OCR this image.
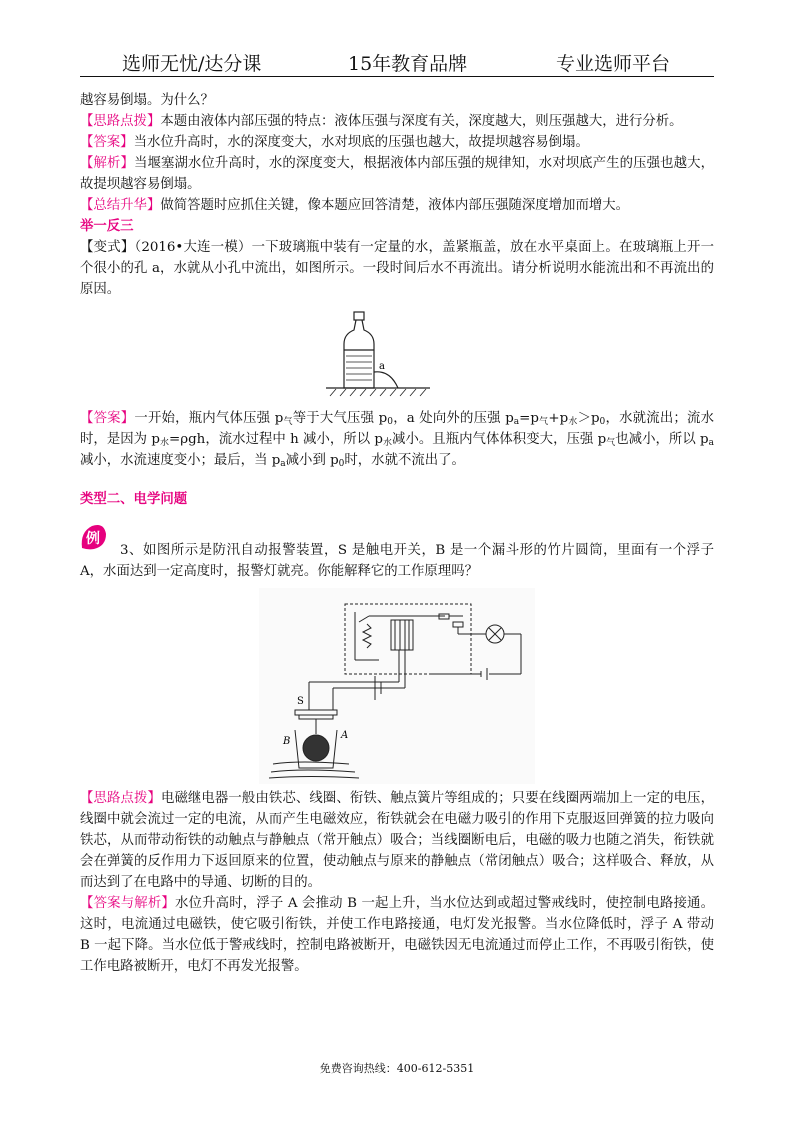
选师无忧/达分课	15年教育品牌	专业选师平台

越容易倒塌。为什么？

【思路点拨】本题由液体内部压强的特点：液体压强与深度有关，深度越大，则压强越大，进行分析。

【答案】当水位升高时，水的深度变大，水对坝底的压强也越大，故提坝越容易倒塌。

【解析】当堰塞湖水位升高时，水的深度变大，根据液体内部压强的规律知，水对坝底产生的压强也越大，故提坝越容易倒塌。

【总结升华】做简答题时应抓住关键，像本题应回答清楚，液体内部压强随深度增加而增大。

举一反三

【变式】（2016•大连一模）一下玻璃瓶中装有一定量的水，盖紧瓶盖，放在水平桌面上。在玻璃瓶上开一个很小的孔 a，水就从小孔中流出，如图所示。一段时间后水不再流出。请分析说明水能流出和不再流出的原因。

a

【答案】一开始，瓶内气体压强 $p_气$等于大气压强 $p_0$，a 处向外的压强 $p_a=p_气+p_水>p_0$，水就流出；流水时，是因为 $p_水=\rho gh$，流水过程中 h 减小，所以 $p_水$减小。且瓶内气体体积变大，压强 $p_气$也减小，所以 $p_a$减小，水流速度变小；最后，当 $p_a$减小到 $p_0$时，水就不流出了。

类型二、电学问题

例

3、如图所示是防汛自动报警装置，S 是触电开关，B 是一个漏斗形的竹片圆筒，里面有一个浮子 A，水面达到一定高度时，报警灯就亮。你能解释它的工作原理吗？

S
B
A

【思路点拨】电磁继电器一般由铁芯、线圈、衔铁、触点簧片等组成的；只要在线圈两端加上一定的电压，线圈中就会流过一定的电流，从而产生电磁效应，衔铁就会在电磁力吸引的作用下克服返回弹簧的拉力吸向铁芯，从而带动衔铁的动触点与静触点（常开触点）吸合；当线圈断电后，电磁的吸力也随之消失，衔铁就会在弹簧的反作用力下返回原来的位置，使动触点与原来的静触点（常闭触点）吸合；这样吸合、释放，从而达到了在电路中的导通、切断的目的。

【答案与解析】水位升高时，浮子 A 会推动 B 一起上升，当水位达到或超过警戒线时，使控制电路接通。这时，电流通过电磁铁，使它吸引衔铁，并使工作电路接通，电灯发光报警。当水位降低时，浮子 A 带动 B 一起下降。当水位低于警戒线时，控制电路被断开，电磁铁因无电流通过而停止工作，不再吸引衔铁，使工作电路被断开，电灯不再发光报警。

免费咨询热线：400-612-5351
